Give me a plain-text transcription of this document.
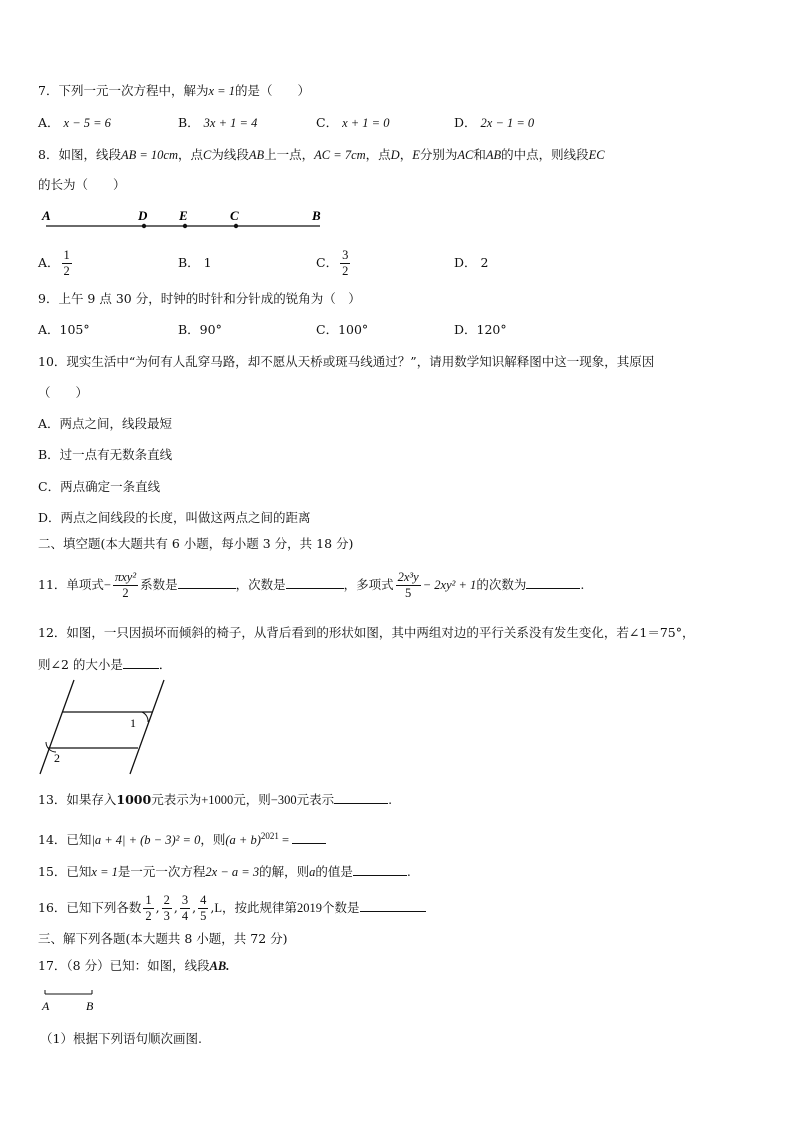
7．下列一元一次方程中，解为x = 1的是（　　）
A． x − 5 = 6	B． 3x + 1 = 4	C． x + 1 = 0	D． 2x − 1 = 0
8．如图，线段AB = 10cm，点C为线段AB上一点，AC = 7cm，点D，E分别为AC和AB的中点，则线段EC
的长为（　　）
A	D E	C	B
A． $\frac{1}{2}$	B． 1	C． $\frac{3}{2}$	D． 2
9．上午 9 点 30 分，时钟的时针和分针成的锐角为（　）
A．105°	B．90°	C．100°	D．120°
10．现实生活中“为何有人乱穿马路，却不愿从天桥或斑马线通过？”，请用数学知识解释图中这一现象，其原因
（　　）
A．两点之间，线段最短
B．过一点有无数条直线
C．两点确定一条直线
D．两点之间线段的长度，叫做这两点之间的距离
二、填空题(本大题共有 6 小题，每小题 3 分，共 18 分)
11．单项式− $\frac{\text{πxy²}}{2}$ 系数是	，次数是	，多项式 $\frac{\text{2x³y}}{5} - 2xy^2 + 1$的次数为	.
12．如图，一只因损坏而倾斜的椅子，从背后看到的形状如图，其中两组对边的平行关系没有发生变化，若∠1＝75°，
则∠2 的大小是	．
1
2
13．如果存入1000元表示为+1000元，则−300元表示	.
14．已知|a + 4| + (b − 3)² = 0，则$(a + b)^{2021}$ =
15．已知x = 1是一元一次方程2x − a = 3的解，则a的值是	.
16．已知下列各数 $\frac{1}{2}$ , $\frac{2}{3}$ , $\frac{3}{4}$ , $\frac{4}{5} ,L$，按此规律第2019个数是
三、解下列各题(本大题共 8 小题，共 72 分)
17．（8 分）已知：如图，线段AB.
A	B
（1）根据下列语句顺次画图.
